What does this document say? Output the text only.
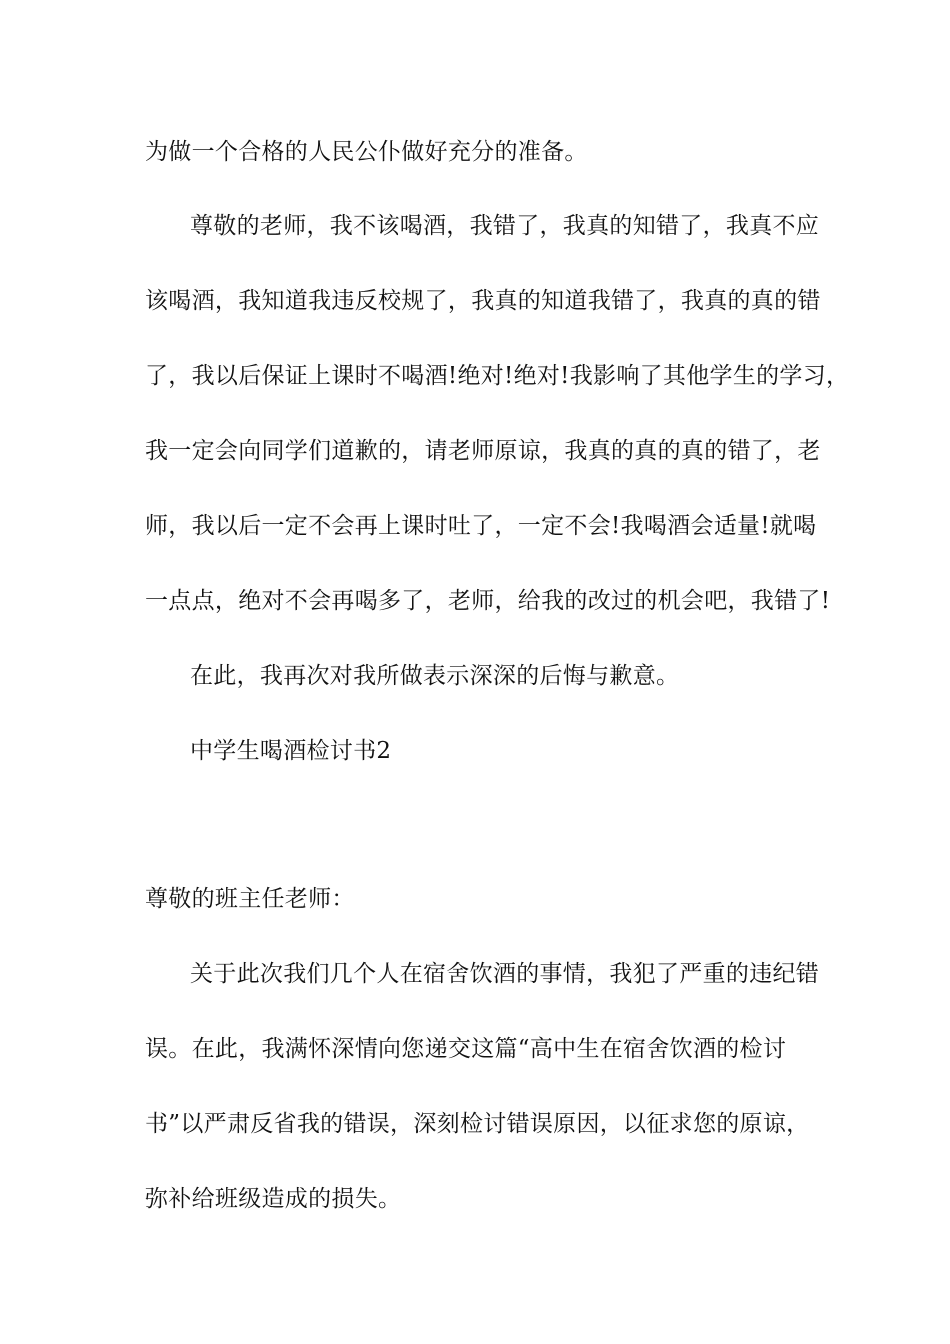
为做一个合格的人民公仆做好充分的准备。
尊敬的老师，我不该喝酒，我错了，我真的知错了，我真不应
该喝酒，我知道我违反校规了，我真的知道我错了，我真的真的错
了，我以后保证上课时不喝酒!绝对!绝对!我影响了其他学生的学习，
我一定会向同学们道歉的，请老师原谅，我真的真的真的错了，老
师，我以后一定不会再上课时吐了，一定不会!我喝酒会适量!就喝
一点点，绝对不会再喝多了，老师，给我的改过的机会吧，我错了!
在此，我再次对我所做表示深深的后悔与歉意。
中学生喝酒检讨书2
尊敬的班主任老师：
关于此次我们几个人在宿舍饮酒的事情，我犯了严重的违纪错
误。在此，我满怀深情向您递交这篇“高中生在宿舍饮酒的检讨
书”以严肃反省我的错误，深刻检讨错误原因，以征求您的原谅，
弥补给班级造成的损失。
